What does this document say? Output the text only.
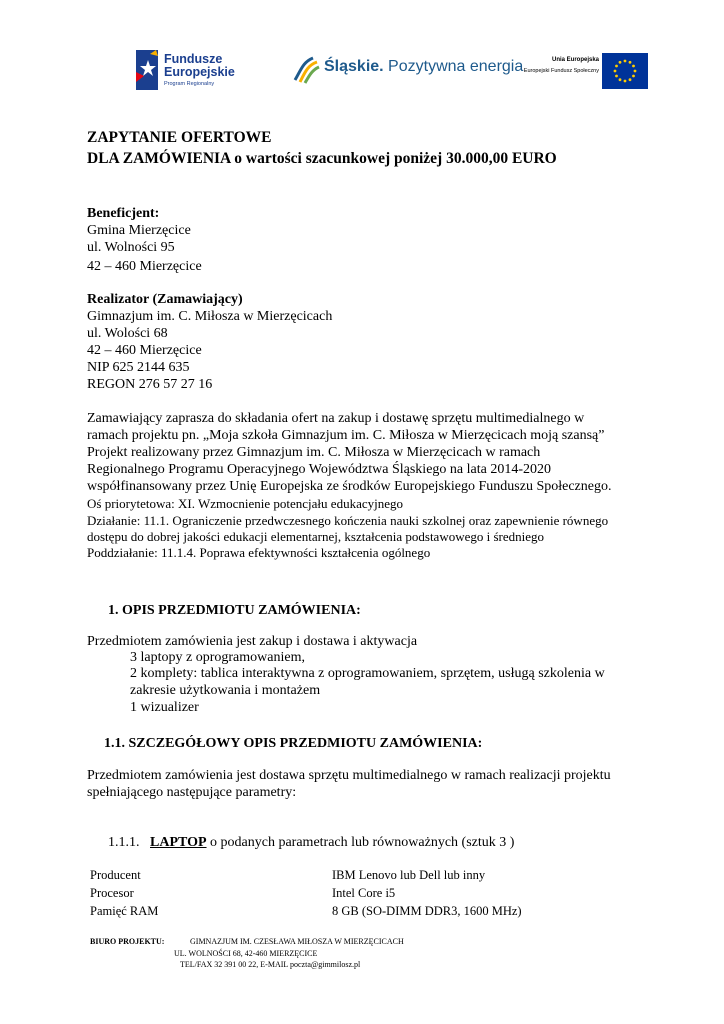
Fundusze
Europejskie
Program Regionalny
Śląskie. Pozytywna energia	Unia Europejska
Europejski Fundusz Społeczny
ZAPYTANIE OFERTOWE
DLA ZAMÓWIENIA o wartości szacunkowej poniżej 30.000,00 EURO
Beneficjent:
Gmina Mierzęcice
ul. Wolności 95
42 – 460 Mierzęcice
Realizator (Zamawiający)
Gimnazjum im. C. Miłosza w Mierzęcicach
ul. Wolości 68
42 – 460 Mierzęcice
NIP 625 2144 635
REGON 276 57 27 16
Zamawiający zaprasza do składania ofert na zakup i dostawę sprzętu multimedialnego w
ramach projektu pn. „Moja szkoła Gimnazjum im. C. Miłosza w Mierzęcicach moją szansą”
Projekt realizowany przez Gimnazjum im. C. Miłosza w Mierzęcicach w ramach
Regionalnego Programu Operacyjnego Województwa Śląskiego na lata 2014-2020
współfinansowany przez Unię Europejska ze środków Europejskiego Funduszu Społecznego.
Oś priorytetowa: XI. Wzmocnienie potencjału edukacyjnego
Działanie: 11.1. Ograniczenie przedwczesnego kończenia nauki szkolnej oraz zapewnienie równego
dostępu do dobrej jakości edukacji elementarnej, kształcenia podstawowego i średniego
Poddziałanie: 11.1.4. Poprawa efektywności kształcenia ogólnego
1. OPIS PRZEDMIOTU ZAMÓWIENIA:
Przedmiotem zamówienia jest zakup i dostawa i aktywacja
3 laptopy z oprogramowaniem,
2 komplety: tablica interaktywna z oprogramowaniem, sprzętem, usługą szkolenia w
zakresie użytkowania i montażem
1 wizualizer
1.1. SZCZEGÓŁOWY OPIS PRZEDMIOTU ZAMÓWIENIA:
Przedmiotem zamówienia jest dostawa sprzętu multimedialnego w ramach realizacji projektu
spełniającego następujące parametry:
1.1.1. LAPTOP o podanych parametrach lub równoważnych (sztuk 3 )
Producent	IBM Lenovo lub Dell lub inny
Procesor	Intel Core i5
Pamięć RAM	8 GB (SO-DIMM DDR3, 1600 MHz)
BIURO PROJEKTU:	GIMNAZJUM IM. CZESŁAWA MIŁOSZA W MIERZĘCICACH
UL. WOLNOŚCI 68, 42-460 MIERZĘCICE
TEL/FAX 32 391 00 22, E-MAIL poczta@gimmilosz.pl
